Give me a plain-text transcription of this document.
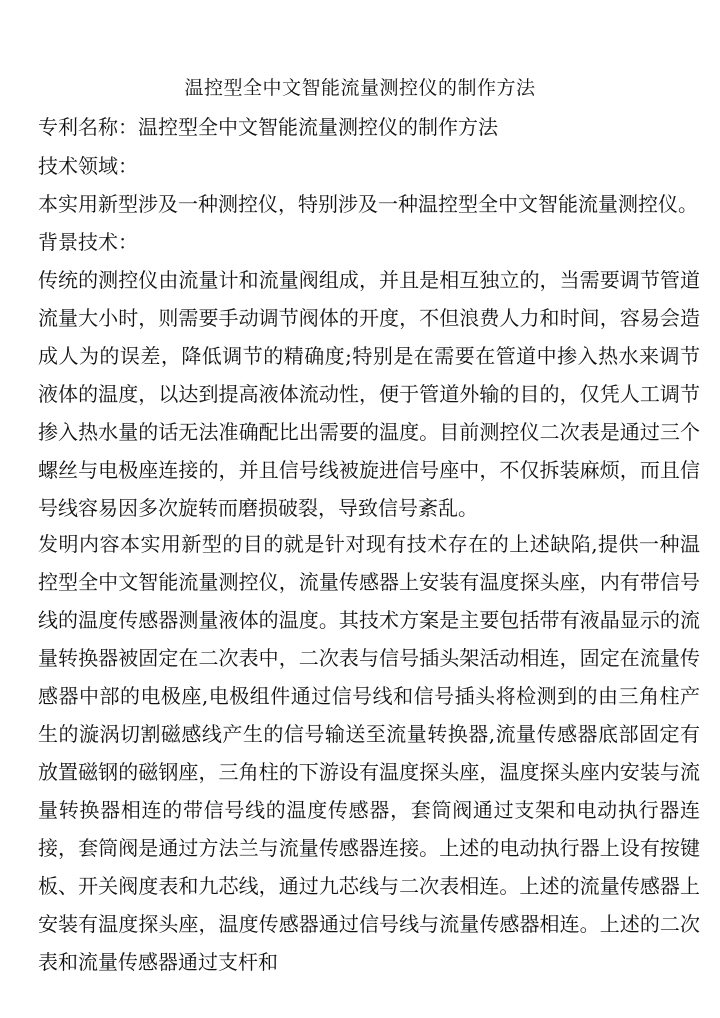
温控型全中文智能流量测控仪的制作方法
专利名称：温控型全中文智能流量测控仪的制作方法
技术领域：
本实用新型涉及一种测控仪，特别涉及一种温控型全中文智能流量测控仪。
背景技术：
传统的测控仪由流量计和流量阀组成，并且是相互独立的，当需要调节管道流量大小时，则需要手动调节阀体的开度，不但浪费人力和时间，容易会造成人为的误差，降低调节的精确度;特别是在需要在管道中掺入热水来调节液体的温度，以达到提高液体流动性，便于管道外输的目的，仅凭人工调节掺入热水量的话无法准确配比出需要的温度。目前测控仪二次表是通过三个螺丝与电极座连接的，并且信号线被旋进信号座中，不仅拆装麻烦，而且信号线容易因多次旋转而磨损破裂，导致信号紊乱。
发明内容本实用新型的目的就是针对现有技术存在的上述缺陷,提供一种温控型全中文智能流量测控仪，流量传感器上安装有温度探头座，内有带信号线的温度传感器测量液体的温度。其技术方案是主要包括带有液晶显示的流量转换器被固定在二次表中，二次表与信号插头架活动相连，固定在流量传感器中部的电极座,电极组件通过信号线和信号插头将检测到的由三角柱产生的漩涡切割磁感线产生的信号输送至流量转换器,流量传感器底部固定有放置磁钢的磁钢座，三角柱的下游设有温度探头座，温度探头座内安装与流量转换器相连的带信号线的温度传感器，套筒阀通过支架和电动执行器连接，套筒阀是通过方法兰与流量传感器连接。上述的电动执行器上设有按键板、开关阀度表和九芯线，通过九芯线与二次表相连。上述的流量传感器上安装有温度探头座，温度传感器通过信号线与流量传感器相连。上述的二次表和流量传感器通过支杆和
